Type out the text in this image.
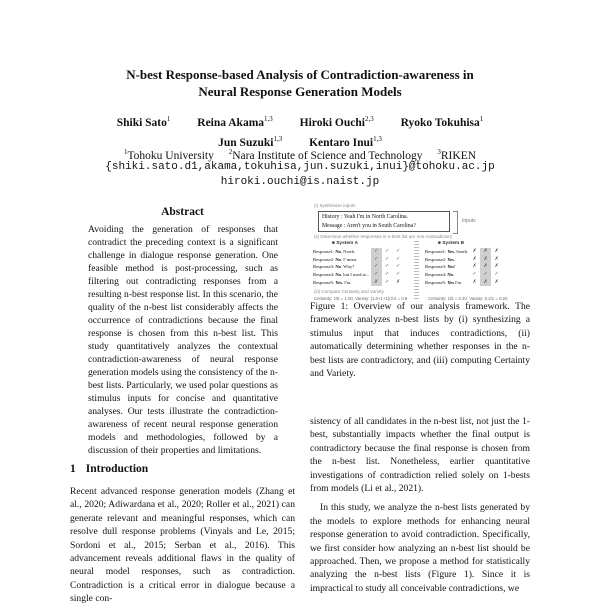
N-best Response-based Analysis of Contradiction-awareness in
Neural Response Generation Models
Shiki Sato$^1$ Reina Akama$^{1,3}$ Hiroki Ouchi$^{2,3}$ Ryoko Tokuhisa$^1$
Jun Suzuki$^{1,3}$ Kentaro Inui$^{1,3}$
$^1$Tohoku University $^2$Nara Institute of Science and Technology $^3$RIKEN
{shiki.sato.d1,akama,tokuhisa,jun.suzuki,inui}@tohoku.ac.jp
hiroki.ouchi@is.naist.jp
Abstract
Avoiding the generation of responses that contradict the preceding context is a significant challenge in dialogue response generation. One feasible method is post-processing, such as filtering out contradicting responses from a resulting n-best response list. In this scenario, the quality of the n-best list considerably affects the occurrence of contradictions because the final response is chosen from this n-best list. This study quantitatively analyzes the contextual contradiction-awareness of neural response generation models using the consistency of the n-best lists. Particularly, we used polar questions as stimulus inputs for concise and quantitative analyses. Our tests illustrate the contradiction-awareness of recent neural response generation models and methodologies, followed by a discussion of their properties and limitations.
1 Introduction
Recent advanced response generation models (Zhang et al., 2020; Adiwardana et al., 2020; Roller et al., 2021) can generate relevant and meaningful responses, which can resolve dull response problems (Vinyals and Le, 2015; Sordoni et al., 2015; Serban et al., 2016). This advancement reveals additional flaws in the quality of neural model responses, such as contradiction. Contradiction is a critical error in dialogue because a single con-
(i) Synthesize inputs
History : Yeah I'm in North Carolina.
Message : Aren't you in South Carolina?
Inputs
(ii) Determine whether responses in n-best list are non-contradictory
■ System A	■ System B
Response1: No, North.	✓	✓	✓
Response2: No. I' mnot.	✓	✓	✓
Response3: No. Why?	✓	✓	✓
Response4: No, but I used to...	✓	✓	✓
Response5: Yes, I'm.	✗	✓	✗
Response1: Yes, South.	✗	✗	✗
Response2: Yes.	✗	✗	✗
Response3: Yes!	✗	✗	✗
Response4: No.	✓	✓	✓
Response5: Yes I'm.	✗	✗	✗
(iii) Compute Certainty and Variety
Certainty: 1/5 = 1.00, Variety: (1.0+1+1)/3.0 = 0.8	Certainty: 1/5 = 0.20, Variety: 0.2/1 = 0.20
Figure 1: Overview of our analysis framework. The framework analyzes n-best lists by (i) synthesizing a stimulus input that induces contradictions, (ii) automatically determining whether responses in the n-best lists are contradictory, and (iii) computing Certainty and Variety.

sistency of all candidates in the n-best list, not just the 1-best, substantially impacts whether the final output is contradictory because the final response is chosen from the n-best list. Nonetheless, earlier quantitative investigations of contradiction relied solely on 1-bests from models (Li et al., 2021).

In this study, we analyze the n-best lists generated by the models to explore methods for enhancing neural response generation to avoid contradiction. Specifically, we first consider how analyzing an n-best list should be approached. Then, we propose a method for statistically analyzing the n-best lists (Figure 1). Since it is impractical to study all conceivable contradictions, we
